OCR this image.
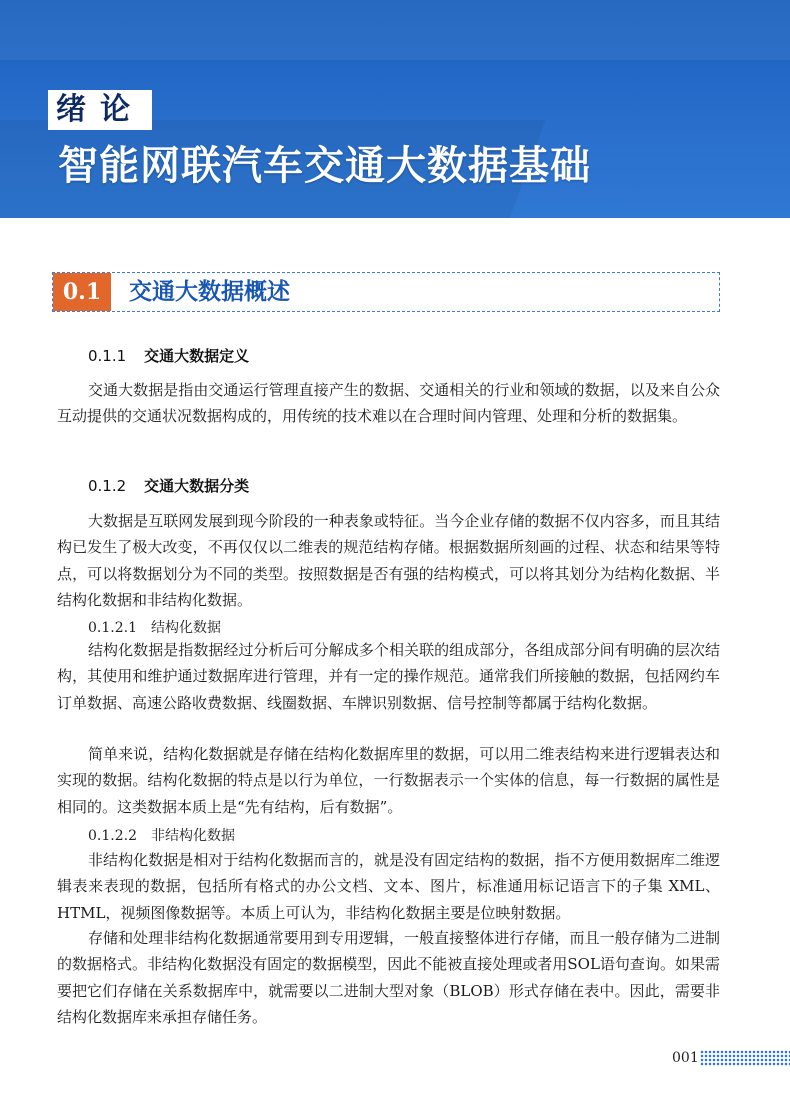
绪论
智能网联汽车交通大数据基础
0.1	交通大数据概述
0.1.1 交通大数据定义

交通大数据是指由交通运行管理直接产生的数据、交通相关的行业和领域的数据，以及来自公众互动提供的交通状况数据构成的，用传统的技术难以在合理时间内管理、处理和分析的数据集。

0.1.2 交通大数据分类

大数据是互联网发展到现今阶段的一种表象或特征。当今企业存储的数据不仅内容多，而且其结构已发生了极大改变，不再仅仅以二维表的规范结构存储。根据数据所刻画的过程、状态和结果等特点，可以将数据划分为不同的类型。按照数据是否有强的结构模式，可以将其划分为结构化数据、半结构化数据和非结构化数据。

0.1.2.1 结构化数据

结构化数据是指数据经过分析后可分解成多个相关联的组成部分，各组成部分间有明确的层次结构，其使用和维护通过数据库进行管理，并有一定的操作规范。通常我们所接触的数据，包括网约车订单数据、高速公路收费数据、线圈数据、车牌识别数据、信号控制等都属于结构化数据。

简单来说，结构化数据就是存储在结构化数据库里的数据，可以用二维表结构来进行逻辑表达和实现的数据。结构化数据的特点是以行为单位，一行数据表示一个实体的信息，每一行数据的属性是相同的。这类数据本质上是“先有结构，后有数据”。

0.1.2.2 非结构化数据

非结构化数据是相对于结构化数据而言的，就是没有固定结构的数据，指不方便用数据库二维逻辑表来表现的数据，包括所有格式的办公文档、文本、图片，标准通用标记语言下的子集 XML、HTML，视频图像数据等。本质上可认为，非结构化数据主要是位映射数据。

存储和处理非结构化数据通常要用到专用逻辑，一般直接整体进行存储，而且一般存储为二进制的数据格式。非结构化数据没有固定的数据模型，因此不能被直接处理或者用SOL语句查询。如果需要把它们存储在关系数据库中，就需要以二进制大型对象（BLOB）形式存储在表中。因此，需要非结构化数据库来承担存储任务。

001
